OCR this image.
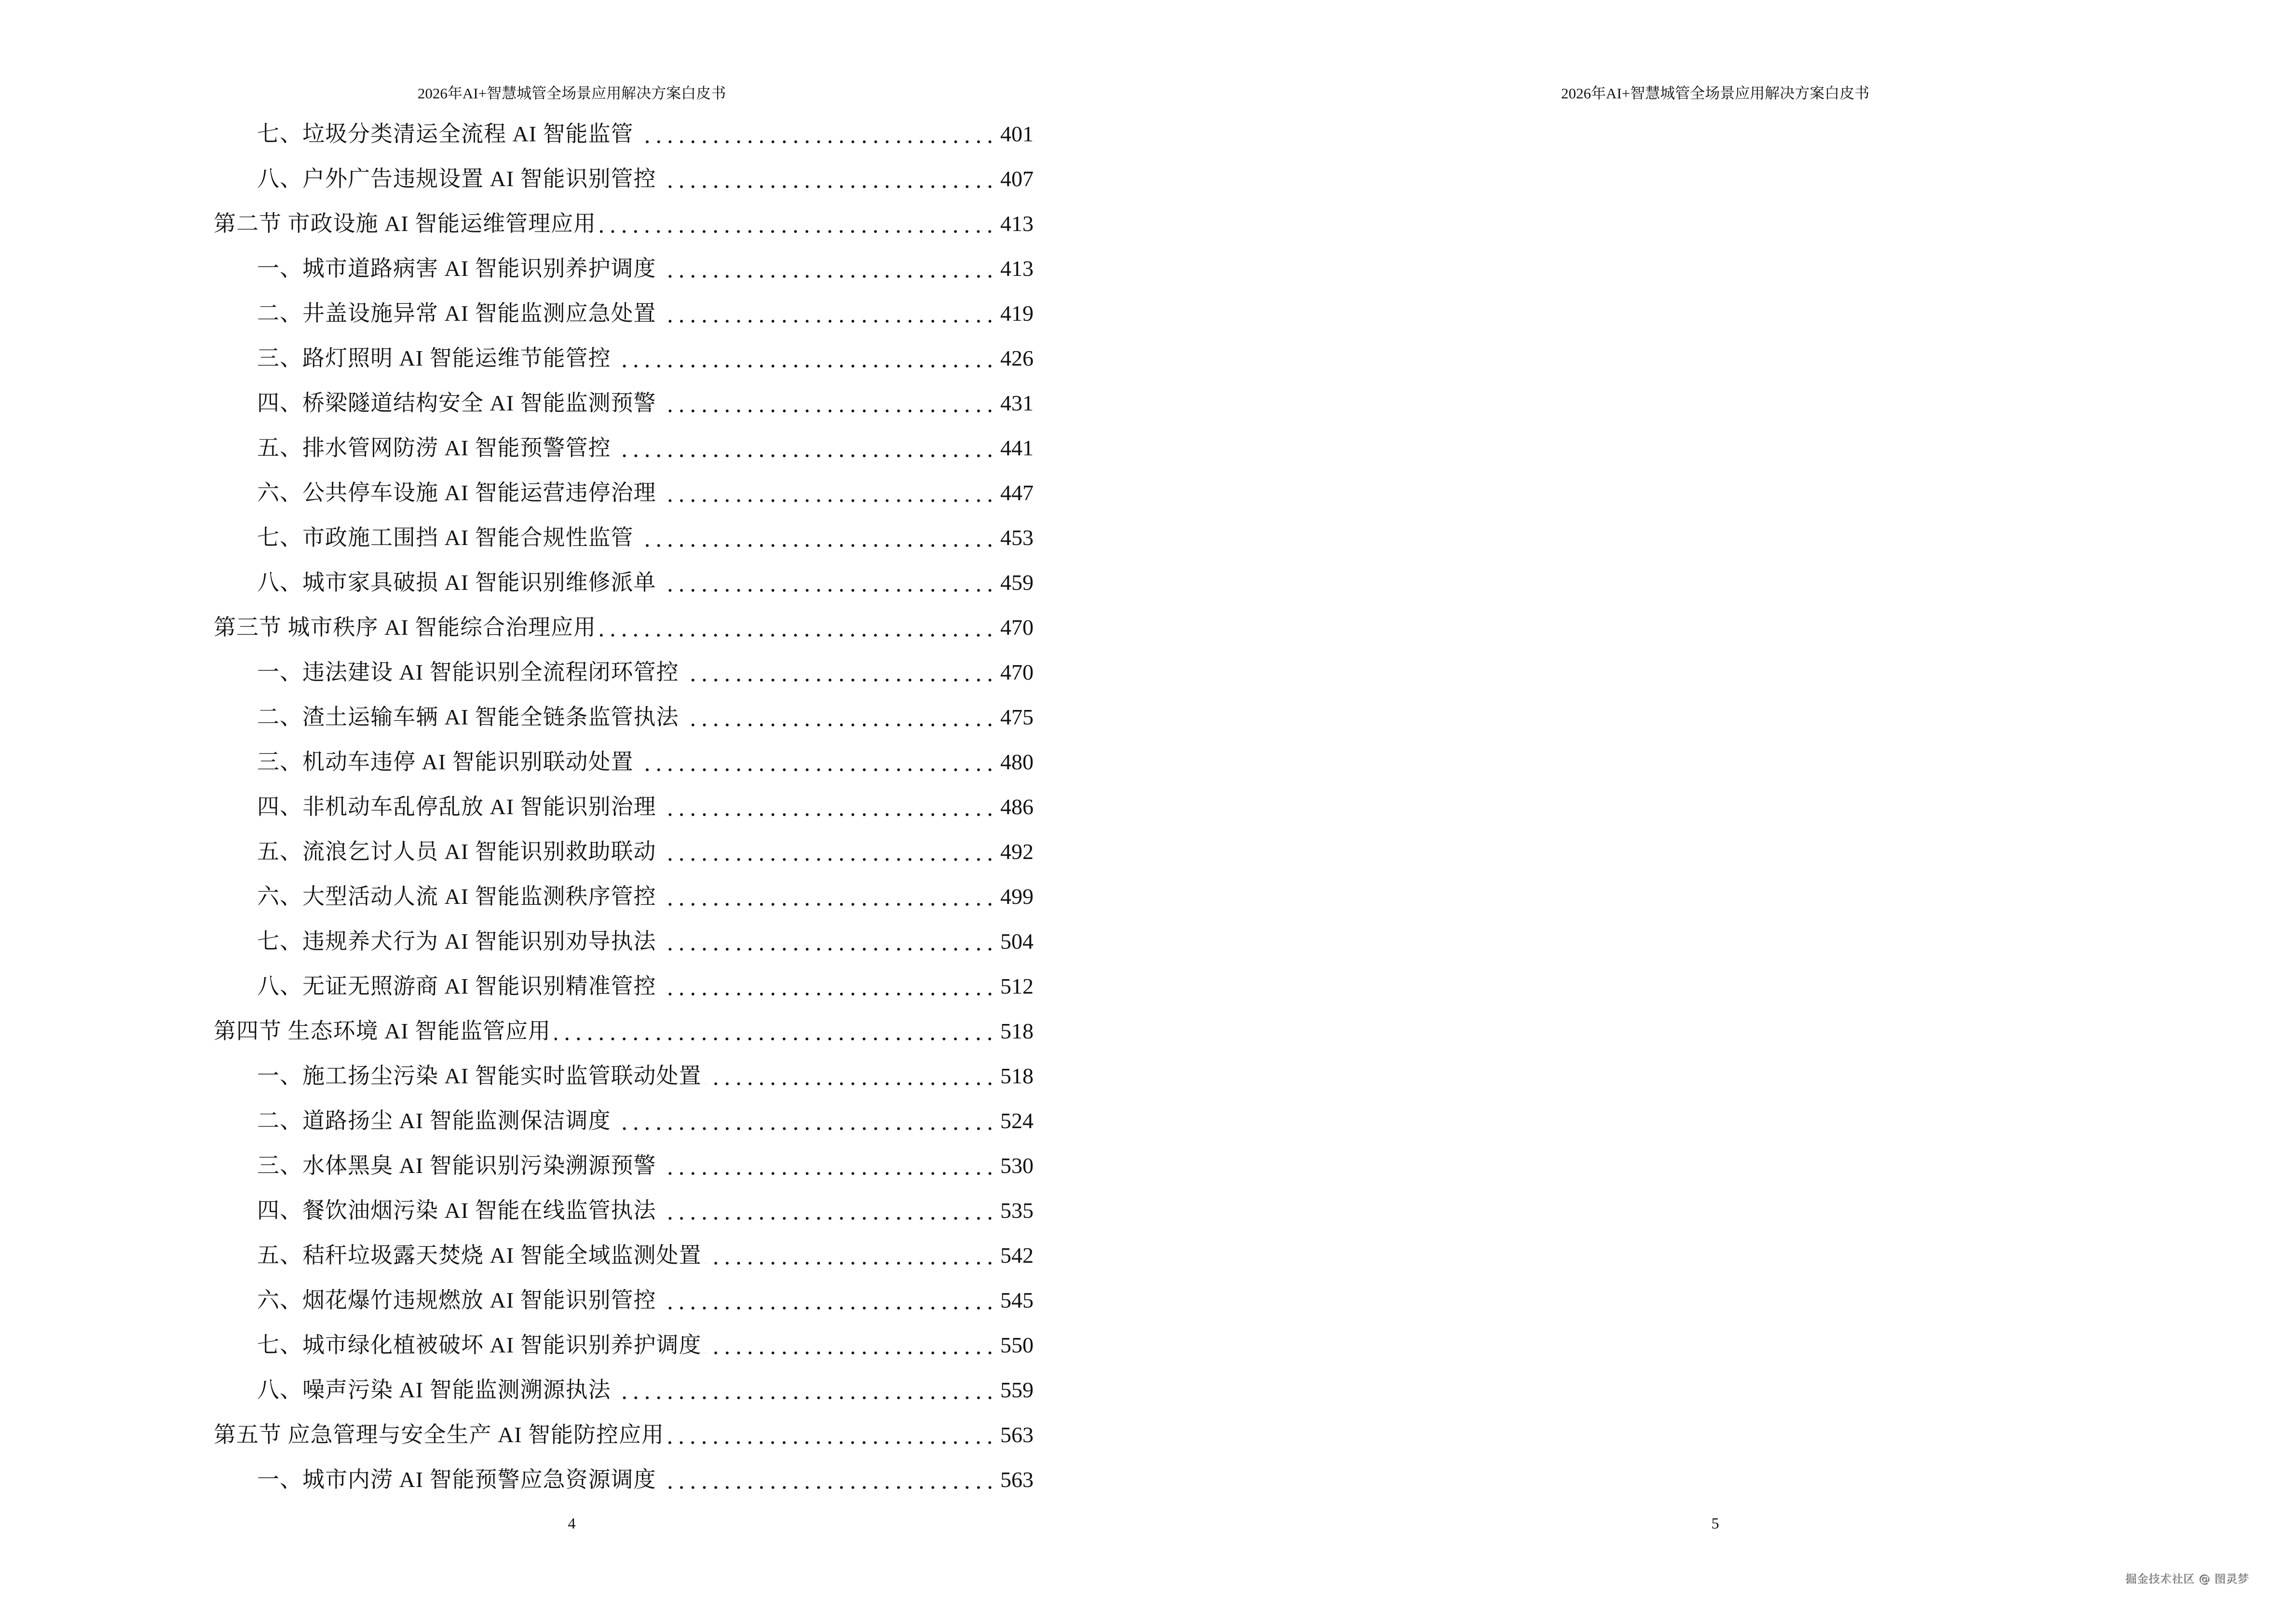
2026年AI+智慧城管全场景应用解决方案白皮书
七、垃圾分类清运全流程 AI 智能监管	401
八、户外广告违规设置 AI 智能识别管控	407
第二节 市政设施 AI 智能运维管理应用	413
一、城市道路病害 AI 智能识别养护调度	413
二、井盖设施异常 AI 智能监测应急处置	419
三、路灯照明 AI 智能运维节能管控	426
四、桥梁隧道结构安全 AI 智能监测预警	431
五、排水管网防涝 AI 智能预警管控	441
六、公共停车设施 AI 智能运营违停治理	447
七、市政施工围挡 AI 智能合规性监管	453
八、城市家具破损 AI 智能识别维修派单	459
第三节 城市秩序 AI 智能综合治理应用	470
一、违法建设 AI 智能识别全流程闭环管控	470
二、渣土运输车辆 AI 智能全链条监管执法	475
三、机动车违停 AI 智能识别联动处置	480
四、非机动车乱停乱放 AI 智能识别治理	486
五、流浪乞讨人员 AI 智能识别救助联动	492
六、大型活动人流 AI 智能监测秩序管控	499
七、违规养犬行为 AI 智能识别劝导执法	504
八、无证无照游商 AI 智能识别精准管控	512
第四节 生态环境 AI 智能监管应用	518
一、施工扬尘污染 AI 智能实时监管联动处置	518
二、道路扬尘 AI 智能监测保洁调度	524
三、水体黑臭 AI 智能识别污染溯源预警	530
四、餐饮油烟污染 AI 智能在线监管执法	535
五、秸秆垃圾露天焚烧 AI 智能全域监测处置	542
六、烟花爆竹违规燃放 AI 智能识别管控	545
七、城市绿化植被破坏 AI 智能识别养护调度	550
八、噪声污染 AI 智能监测溯源执法	559
第五节 应急管理与安全生产 AI 智能防控应用	563
一、城市内涝 AI 智能预警应急资源调度	563
4
2026年AI+智慧城管全场景应用解决方案白皮书
5
掘金技术社区 @ 图灵梦
